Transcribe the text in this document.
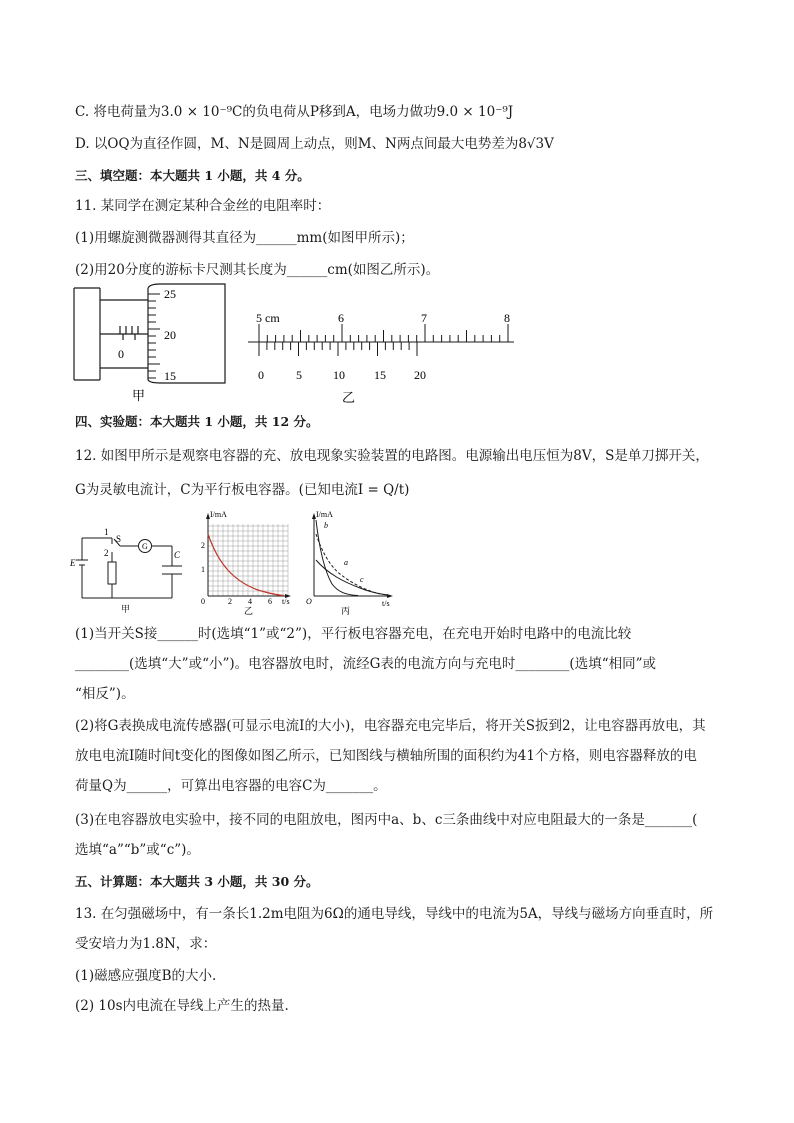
C. 将电荷量为3.0 × 10⁻⁹C的负电荷从P移到A，电场力做功9.0 × 10⁻⁹J
D. 以OQ为直径作圆，M、N是圆周上动点，则M、N两点间最大电势差为8√3V
三、填空题：本大题共 1 小题，共 4 分。
11. 某同学在测定某种合金丝的电阻率时：
(1)用螺旋测微器测得其直径为______mm(如图甲所示)；
(2)用20分度的游标卡尺测其长度为______cm(如图乙所示)。
0
25
20
15
甲
5 cm	6	7	8
0	5	10 15 20
乙
四、实验题：本大题共 1 小题，共 12 分。
12. 如图甲所示是观察电容器的充、放电现象实验装置的电路图。电源输出电压恒为8V，S是单刀掷开关，
G为灵敏电流计，C为平行板电容器。(已知电流I = Q/t)
1
2
S
G
C
E
甲
I/mA
2
1
0	2 4 6 t/s
乙
I/mA
b
a
c
O	t/s
丙
(1)当开关S接______时(选填“1”或“2”)，平行板电容器充电，在充电开始时电路中的电流比较
________(选填“大”或“小”)。电容器放电时，流经G表的电流方向与充电时________(选填“相同”或
“相反”)。
(2)将G表换成电流传感器(可显示电流I的大小)，电容器充电完毕后，将开关S扳到2，让电容器再放电，其
放电电流I随时间t变化的图像如图乙所示，已知图线与横轴所围的面积约为41个方格，则电容器释放的电
荷量Q为______，可算出电容器的电容C为_______。
(3)在电容器放电实验中，接不同的电阻放电，图丙中a、b、c三条曲线中对应电阻最大的一条是_______(
选填“a”“b”或“c”)。
五、计算题：本大题共 3 小题，共 30 分。
13. 在匀强磁场中，有一条长1.2m电阻为6Ω的通电导线，导线中的电流为5A，导线与磁场方向垂直时，所
受安培力为1.8N，求：
(1)磁感应强度B的大小.
(2) 10s内电流在导线上产生的热量.
